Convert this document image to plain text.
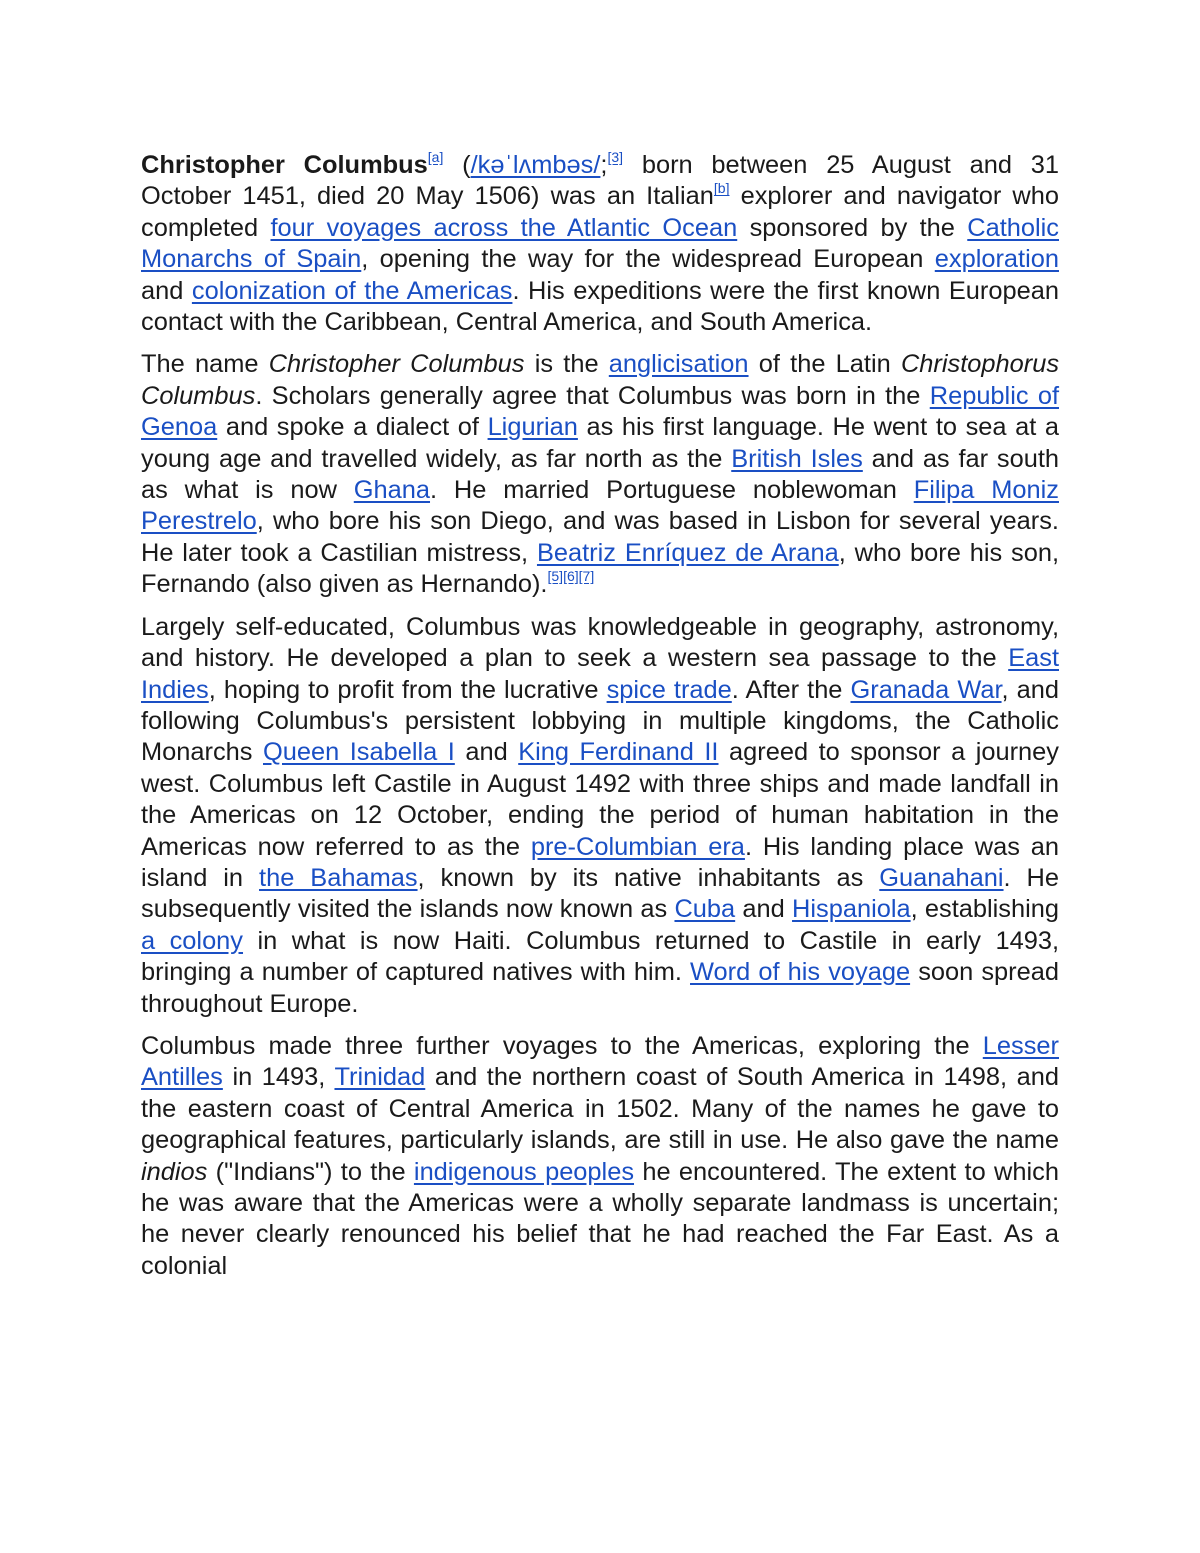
Christopher Columbus[a] (/kəˈlʌmbəs/;[3] born between 25 August and 31 October 1451, died 20 May 1506) was an Italian[b] explorer and navigator who completed four voyages across the Atlantic Ocean sponsored by the Catholic Monarchs of Spain, opening the way for the widespread European exploration and colonization of the Americas. His expeditions were the first known European contact with the Caribbean, Central America, and South America.

The name Christopher Columbus is the anglicisation of the Latin Christophorus Columbus. Scholars generally agree that Columbus was born in the Republic of Genoa and spoke a dialect of Ligurian as his first language. He went to sea at a young age and travelled widely, as far north as the British Isles and as far south as what is now Ghana. He married Portuguese noblewoman Filipa Moniz Perestrelo, who bore his son Diego, and was based in Lisbon for several years. He later took a Castilian mistress, Beatriz Enríquez de Arana, who bore his son, Fernando (also given as Hernando).[5][6][7]

Largely self-educated, Columbus was knowledgeable in geography, astronomy, and history. He developed a plan to seek a western sea passage to the East Indies, hoping to profit from the lucrative spice trade. After the Granada War, and following Columbus's persistent lobbying in multiple kingdoms, the Catholic Monarchs Queen Isabella I and King Ferdinand II agreed to sponsor a journey west. Columbus left Castile in August 1492 with three ships and made landfall in the Americas on 12 October, ending the period of human habitation in the Americas now referred to as the pre-Columbian era. His landing place was an island in the Bahamas, known by its native inhabitants as Guanahani. He subsequently visited the islands now known as Cuba and Hispaniola, establishing a colony in what is now Haiti. Columbus returned to Castile in early 1493, bringing a number of captured natives with him. Word of his voyage soon spread throughout Europe.

Columbus made three further voyages to the Americas, exploring the Lesser Antilles in 1493, Trinidad and the northern coast of South America in 1498, and the eastern coast of Central America in 1502. Many of the names he gave to geographical features, particularly islands, are still in use. He also gave the name indios ("Indians") to the indigenous peoples he encountered. The extent to which he was aware that the Americas were a wholly separate landmass is uncertain; he never clearly renounced his belief that he had reached the Far East. As a colonial
